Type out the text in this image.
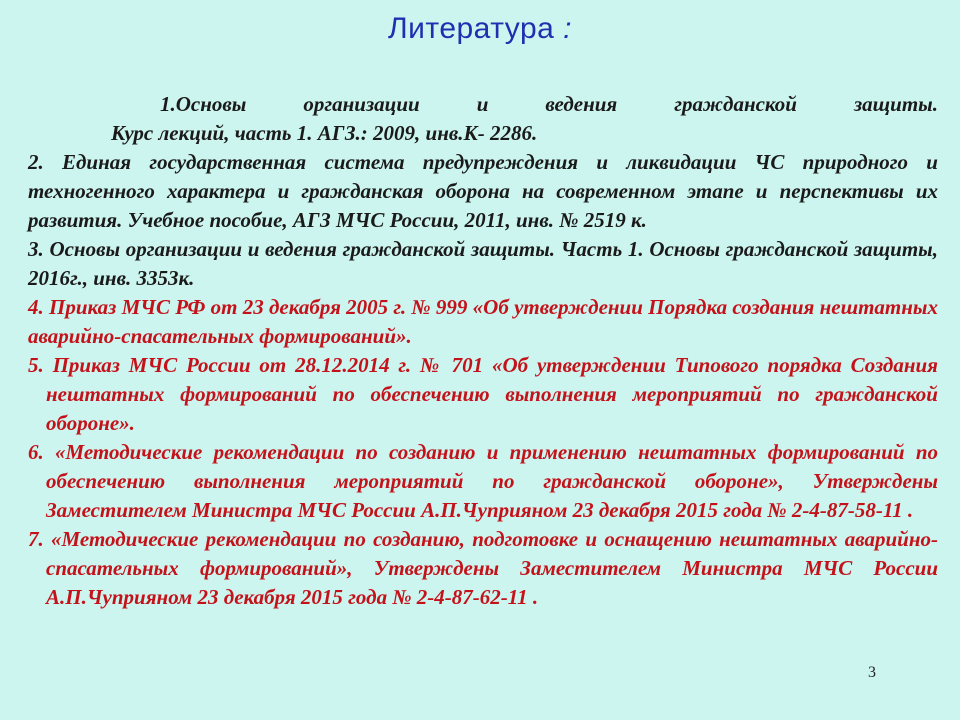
Литература :
1.Основы организации и ведения гражданской защиты.
Курс лекций, часть 1. АГЗ.: 2009, инв.К- 2286.

2. Единая государственная система предупреждения и ликвидации ЧС природного и техногенного характера и гражданская оборона на современном этапе и перспективы их развития. Учебное пособие, АГЗ МЧС России, 2011, инв. № 2519 к.

3. Основы организации и ведения гражданской защиты. Часть 1. Основы гражданской защиты, 2016г., инв. 3353к.

4. Приказ МЧС РФ от 23 декабря 2005 г. № 999 «Об утверждении Порядка создания нештатных аварийно-спасательных формирований».

5. Приказ МЧС России от 28.12.2014 г. № 701 «Об утверждении Типового порядка Создания нештатных формирований по обеспечению выполнения мероприятий по гражданской обороне».

6. «Методические рекомендации по созданию и применению нештатных формирований по обеспечению выполнения мероприятий по гражданской обороне», Утверждены Заместителем Министра МЧС России А.П.Чуприяном 23 декабря 2015 года № 2-4-87-58-11 .

7. «Методические рекомендации по созданию, подготовке и оснащению нештатных аварийно-спасательных формирований», Утверждены Заместителем Министра МЧС России А.П.Чуприяном 23 декабря 2015 года № 2-4-87-62-11 .

3
